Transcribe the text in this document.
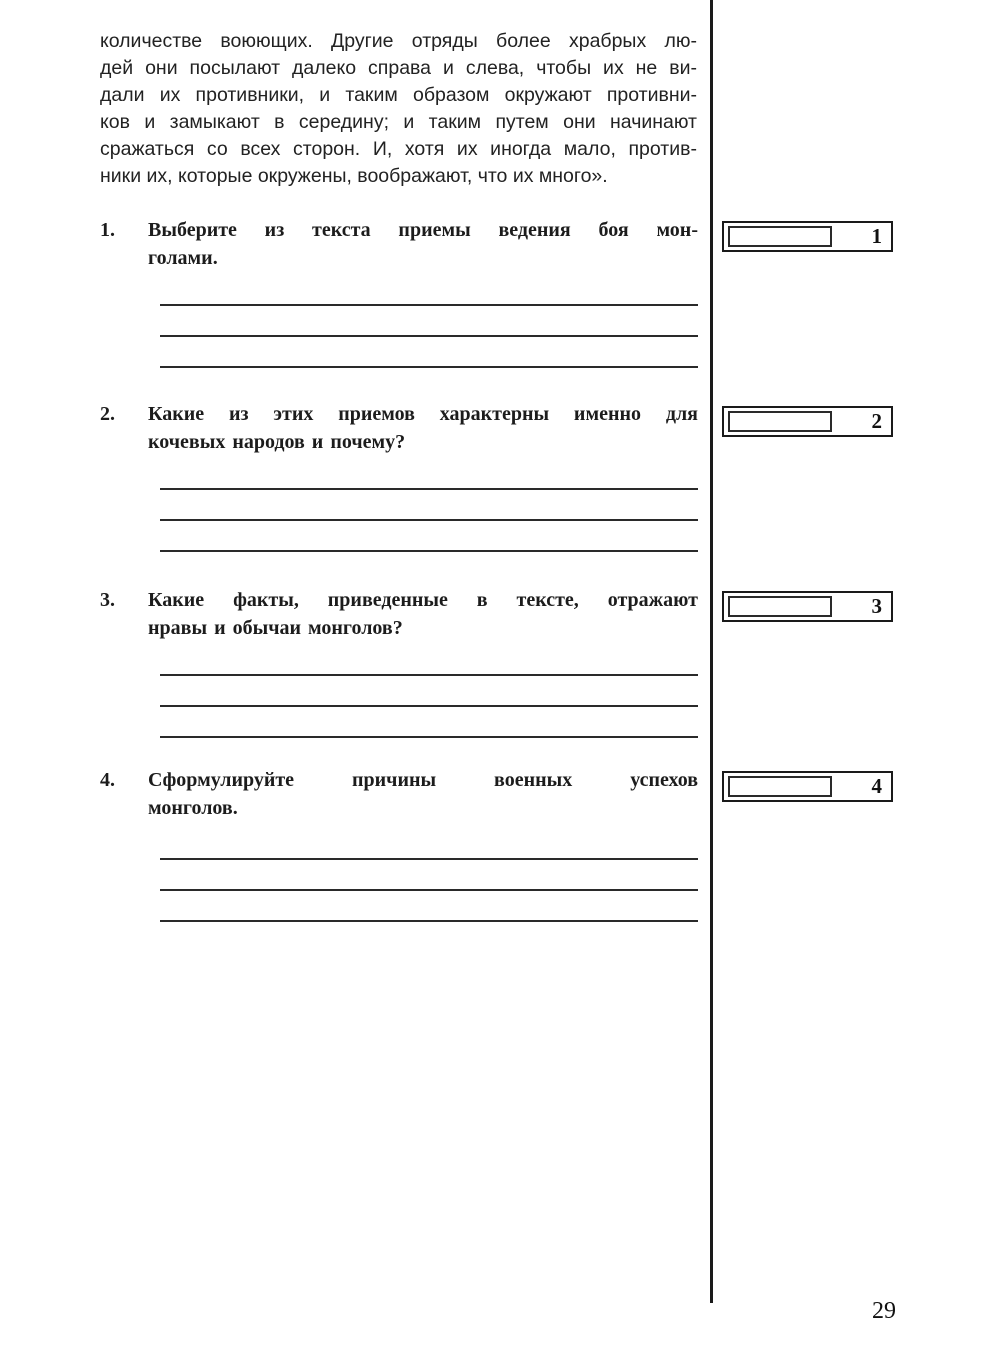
количестве воюющих. Другие отряды более храбрых лю-
дей они посылают далеко справа и слева, чтобы их не ви-
дали их противники, и таким образом окружают противни-
ков и замыкают в середину; и таким путем они начинают
сражаться со всех сторон. И, хотя их иногда мало, против-
ники их, которые окружены, воображают, что их много».
1.	Выберите из текста приемы ведения боя мон-
голами.
1
2.	Какие из этих приемов характерны именно для
кочевых народов и почему?
2
3.	Какие факты, приведенные в тексте, отражают
нравы и обычаи монголов?
3
4.	Сформулируйте причины военных успехов
монголов.
4
29
